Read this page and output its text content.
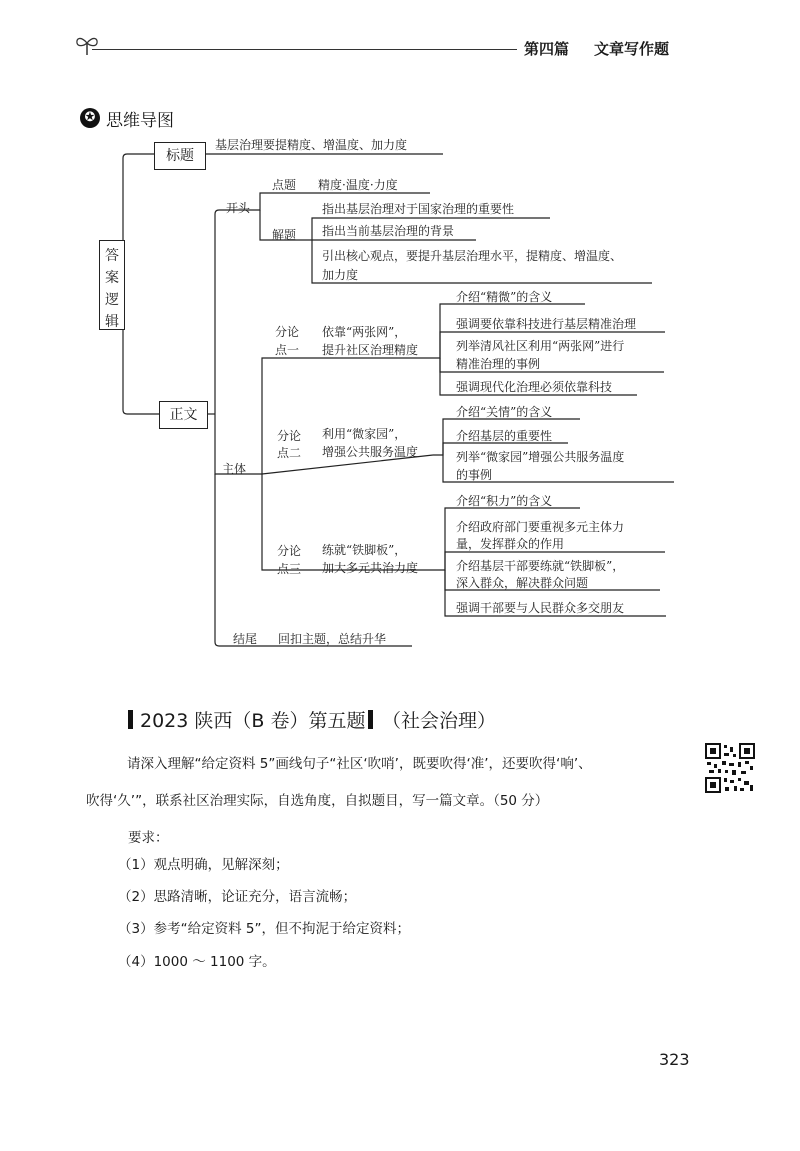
第四篇 文章写作题
✪ 思维导图
答
案
逻
辑
标题
基层治理要提精度、增温度、加力度
正文
开头
点题 精度·温度·力度
解题
指出基层治理对于国家治理的重要性
指出当前基层治理的背景
引出核心观点，要提升基层治理水平，提精度、增温度、
加力度
主体
分论
点一
依靠“两张网”，
提升社区治理精度
介绍“精微”的含义
强调要依靠科技进行基层精准治理
列举清风社区利用“两张网”进行
精准治理的事例
强调现代化治理必须依靠科技
分论
点二
利用“微家园”，
增强公共服务温度
介绍“关情”的含义
介绍基层的重要性
列举“微家园”增强公共服务温度
的事例
分论
点三
练就“铁脚板”，
加大多元共治力度
介绍“积力”的含义
介绍政府部门要重视多元主体力
量，发挥群众的作用
介绍基层干部要练就“铁脚板”，
深入群众，解决群众问题
强调干部要与人民群众多交朋友
结尾 回扣主题，总结升华
2023 陕西（B 卷）第五题 （社会治理）
请深入理解“给定资料 5”画线句子“社区‘吹哨’，既要吹得‘准’，还要吹得‘响’、
吹得‘久’”，联系社区治理实际，自选角度，自拟题目，写一篇文章。（50 分）
要求：
（1）观点明确，见解深刻；
（2）思路清晰，论证充分，语言流畅；
（3）参考“给定资料 5”，但不拘泥于给定资料；
（4）1000 ～ 1100 字。
323
